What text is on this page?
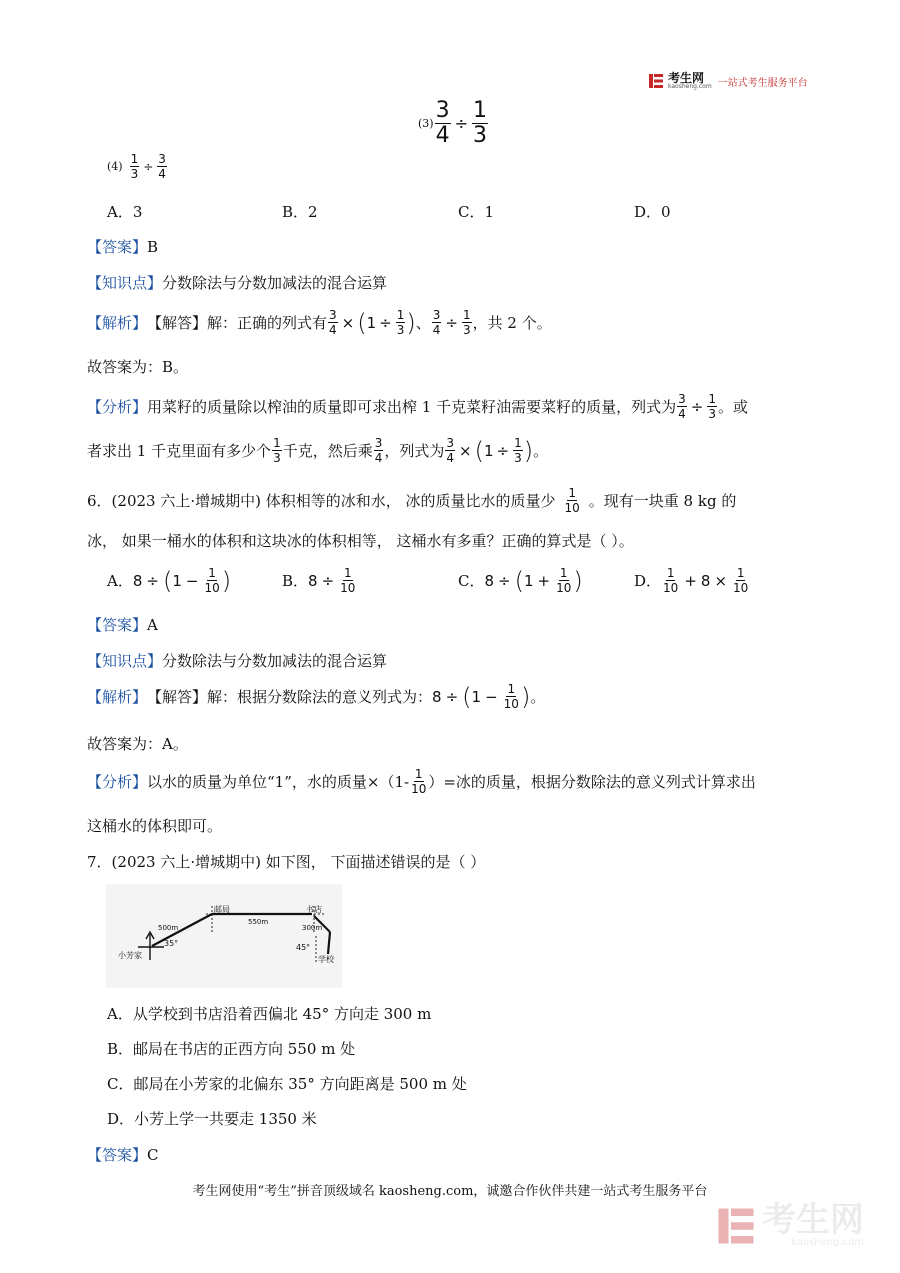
考生网
kaosheng.com 一站式考生服务平台
$(3) \frac{3}{4} \div \frac{1}{3}$
$(4) \frac{1}{3} \div \frac{3}{4}$
A．3	B．2	C．1	D．0
【答案】B
【知识点】分数除法与分数加减法的混合运算
【解析】 【解答】解：正确的列式有 $\frac{3}{4}$ × ( $1 \div \frac{1}{3}$ ) 、 $\frac{3}{4} \div \frac{1}{3}$ ，共 2 个。
故答案为：B。
【分析】 用菜籽的质量除以榨油的质量即可求出榨 1 千克菜籽油需要菜籽的质量，列式为 $\frac{3}{4} \div \frac{1}{3}$ 。或
者求出 1 千克里面有多少个 $\frac{1}{3}$ 千克，然后乘 $\frac{3}{4}$ ，列式为 $\frac{3}{4}$ × ( $1 \div \frac{1}{3}$ ) 。
6．(2023 六上·增城期中) 体积相等的冰和水， 冰的质量比水的质量少 $\frac{1}{10}$ 。现有一块重 8 kg 的
冰， 如果一桶水的体积和这块冰的体积相等， 这桶水有多重？正确的算式是（ ）。
A． 8 ÷ ( $1 - \frac{1}{10}$ )	B． $8 \div \frac{1}{10}$	C． 8 ÷ ( $1 + \frac{1}{10}$ )	D． $\frac{1}{10} + 8 \times \frac{1}{10}$
【答案】A
【知识点】分数除法与分数加减法的混合运算
【解析】 【解答】解：根据分数除法的意义列式为： 8 ÷ ( $1 - \frac{1}{10}$ ) 。
故答案为：A。
【分析】 以水的质量为单位“1”，水的质量$\times(1- \frac{1}{10}$ ）=冰的质量，根据分数除法的意义列式计算求出
这桶水的体积即可。
7．(2023 六上·增城期中) 如下图， 下面描述错误的是（ ）
500m
550m
300m
35°	45°
邮局	书店
学校
小芳家
A．从学校到书店沿着西偏北 45° 方向走 300 m
B．邮局在书店的正西方向 550 m 处
C．邮局在小芳家的北偏东 35° 方向距离是 500 m 处
D．小芳上学一共要走 1350 米
【答案】C
考生网使用“考生”拼音顶级域名 kaosheng.com，诚邀合作伙伴共建一站式考生服务平台
考生网
kaosheng.com
